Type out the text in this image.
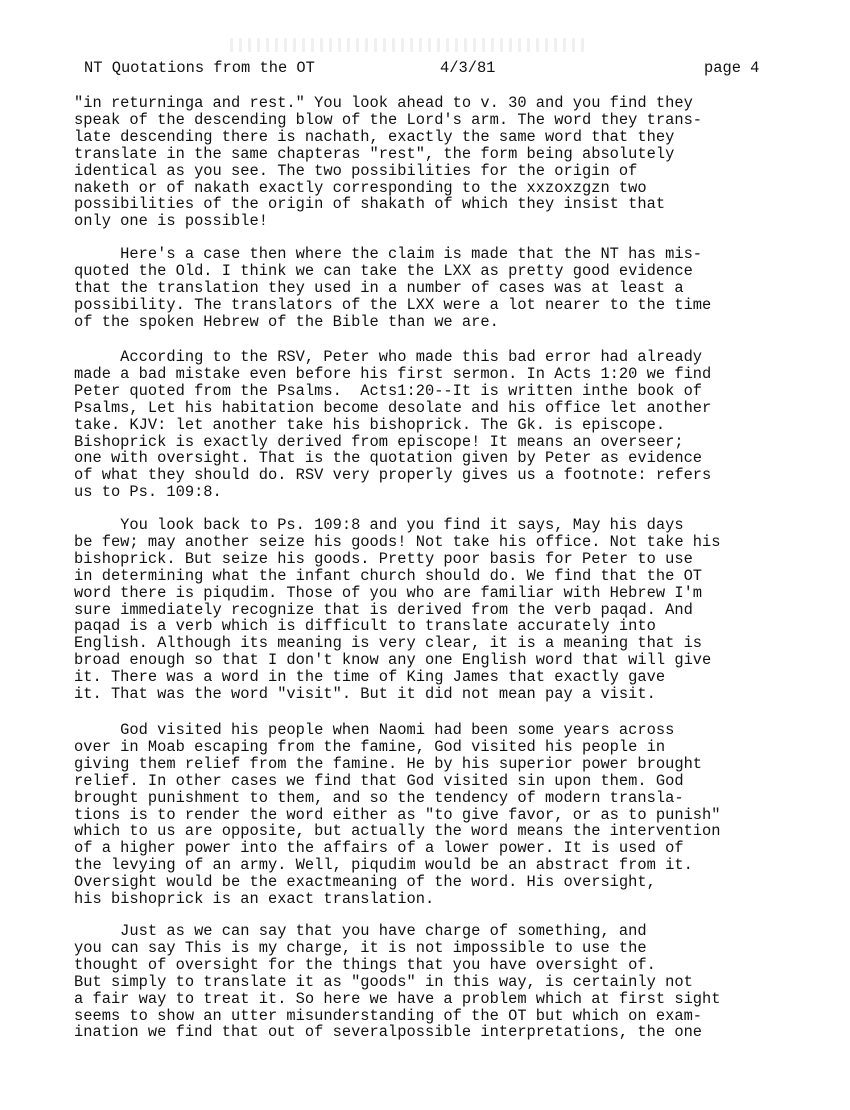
NT Quotations from the OT	4/3/81	page 4
"in returninga and rest." You look ahead to v. 30 and you find they
speak of the descending blow of the Lord's arm. The word they trans-
late descending there is nachath, exactly the same word that they
translate in the same chapteras "rest", the form being absolutely
identical as you see. The two possibilities for the origin of
naketh or of nakath exactly corresponding to the xxzoxzgzn two
possibilities of the origin of shakath of which they insist that
only one is possible!
Here's a case then where the claim is made that the NT has mis-
quoted the Old. I think we can take the LXX as pretty good evidence
that the translation they used in a number of cases was at least a
possibility. The translators of the LXX were a lot nearer to the time
of the spoken Hebrew of the Bible than we are.
According to the RSV, Peter who made this bad error had already
made a bad mistake even before his first sermon. In Acts 1:20 we find
Peter quoted from the Psalms.  Acts1:20--It is written inthe book of
Psalms, Let his habitation become desolate and his office let another
take. KJV: let another take his bishoprick. The Gk. is episcope.
Bishoprick is exactly derived from episcope! It means an overseer;
one with oversight. That is the quotation given by Peter as evidence
of what they should do. RSV very properly gives us a footnote: refers
us to Ps. 109:8.
You look back to Ps. 109:8 and you find it says, May his days
be few; may another seize his goods! Not take his office. Not take his
bishoprick. But seize his goods. Pretty poor basis for Peter to use
in determining what the infant church should do. We find that the OT
word there is piqudim. Those of you who are familiar with Hebrew I'm
sure immediately recognize that is derived from the verb paqad. And
paqad is a verb which is difficult to translate accurately into
English. Although its meaning is very clear, it is a meaning that is
broad enough so that I don't know any one English word that will give
it. There was a word in the time of King James that exactly gave
it. That was the word "visit". But it did not mean pay a visit.
God visited his people when Naomi had been some years across
over in Moab escaping from the famine, God visited his people in
giving them relief from the famine. He by his superior power brought
relief. In other cases we find that God visited sin upon them. God
brought punishment to them, and so the tendency of modern transla-
tions is to render the word either as "to give favor, or as to punish"
which to us are opposite, but actually the word means the intervention
of a higher power into the affairs of a lower power. It is used of
the levying of an army. Well, piqudim would be an abstract from it.
Oversight would be the exactmeaning of the word. His oversight,
his bishoprick is an exact translation.
Just as we can say that you have charge of something, and
you can say This is my charge, it is not impossible to use the
thought of oversight for the things that you have oversight of.
But simply to translate it as "goods" in this way, is certainly not
a fair way to treat it. So here we have a problem which at first sight
seems to show an utter misunderstanding of the OT but which on exam-
ination we find that out of severalpossible interpretations, the one
